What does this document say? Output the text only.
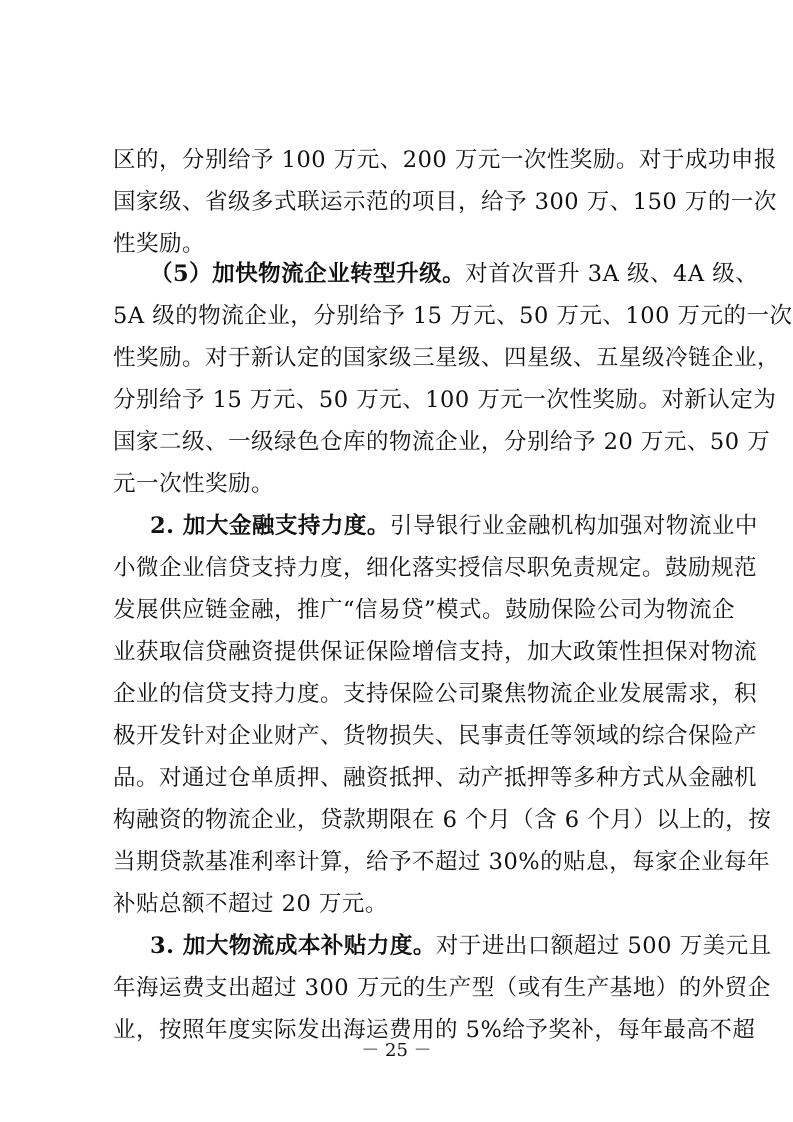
区的，分别给予 100 万元、200 万元一次性奖励。对于成功申报
国家级、省级多式联运示范的项目，给予 300 万、150 万的一次
性奖励。
（5）加快物流企业转型升级。对首次晋升 3A 级、4A 级、
5A 级的物流企业，分别给予 15 万元、50 万元、100 万元的一次
性奖励。对于新认定的国家级三星级、四星级、五星级冷链企业，
分别给予 15 万元、50 万元、100 万元一次性奖励。对新认定为
国家二级、一级绿色仓库的物流企业，分别给予 20 万元、50 万
元一次性奖励。
2. 加大金融支持力度。引导银行业金融机构加强对物流业中
小微企业信贷支持力度，细化落实授信尽职免责规定。鼓励规范
发展供应链金融，推广“信易贷”模式。鼓励保险公司为物流企
业获取信贷融资提供保证保险增信支持，加大政策性担保对物流
企业的信贷支持力度。支持保险公司聚焦物流企业发展需求，积
极开发针对企业财产、货物损失、民事责任等领域的综合保险产
品。对通过仓单质押、融资抵押、动产抵押等多种方式从金融机
构融资的物流企业，贷款期限在 6 个月（含 6 个月）以上的，按
当期贷款基准利率计算，给予不超过 30%的贴息，每家企业每年
补贴总额不超过 20 万元。
3. 加大物流成本补贴力度。对于进出口额超过 500 万美元且
年海运费支出超过 300 万元的生产型（或有生产基地）的外贸企
业，按照年度实际发出海运费用的 5%给予奖补，每年最高不超
－ 25 －
